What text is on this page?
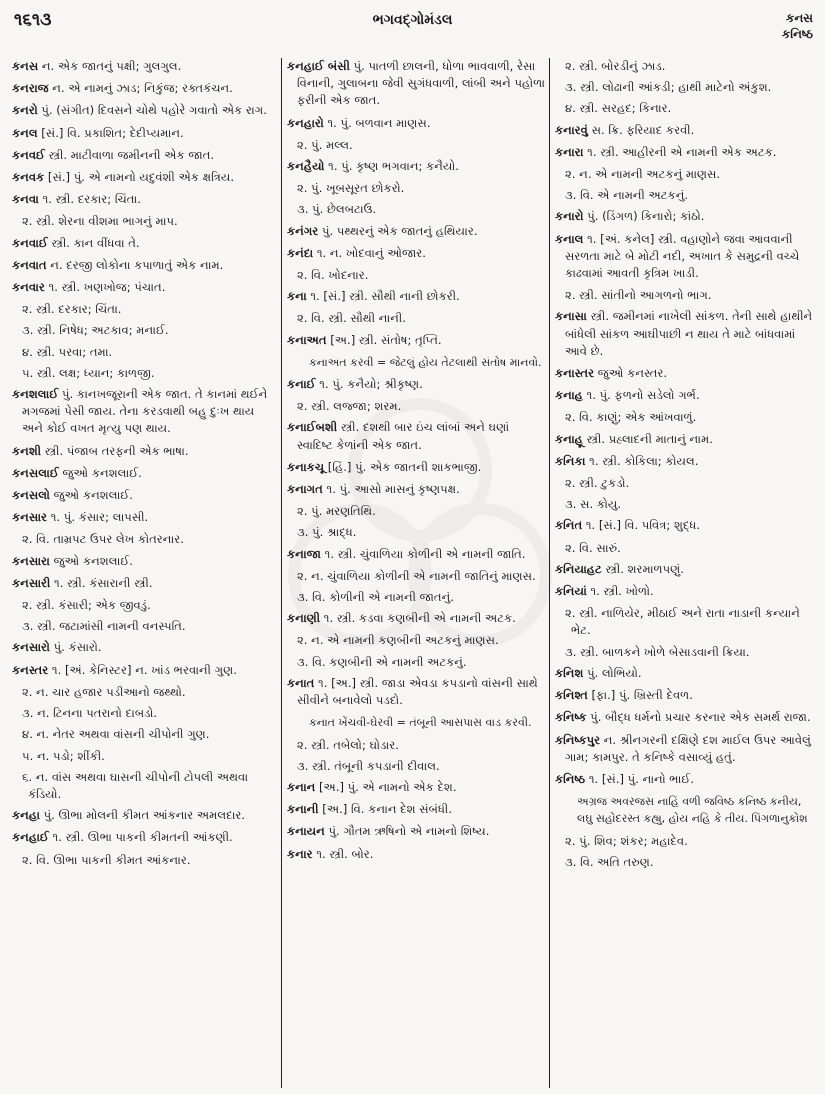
૧૬૧૩	ભગવદ્ગોમંડલ	કનસ
કનિષ્ઠ
કનસ ન. એક જાતનું પક્ષી; ગુલગુલ.
કનરાજ ન. એ નામનું ઝાડ; નિકુંજ; રક્તકંચન.
કનરો પું. (સંગીત) દિવસને ચોથે પહોરે ગવાતો એક રાગ.
કનલ [સં.] વિ. પ્રકાશિત; દેદીપ્યમાન.
કનવઈ સ્ત્રી. માટીવાળા જમીનની એક જાત.
કનવક [સં.] પું. એ નામનો યદુવંશી એક ક્ષત્રિય.
કનવા ૧. સ્ત્રી. દરકાર; ચિંતા.
૨. સ્ત્રી. શેરના વીશમા ભાગનું માપ.
કનવાઈ સ્ત્રી. કાન વીંધવા તે.
કનવાત ન. દરજી લોકોના કપાળાતું એક નામ.
કનવાર ૧. સ્ત્રી. ખણખોજ; પંચાત.
૨. સ્ત્રી. દરકાર; ચિંતા.
૩. સ્ત્રી. નિષેધ; અટકાવ; મનાઈ.
૪. સ્ત્રી. પરવા; તમા.
૫. સ્ત્રી. લક્ષ; ધ્યાન; કાળજી.
કનશલાઈ પું. કાનખજૂરાની એક જાત. તે કાનમાં થઈને મગજમાં પેસી જાય. તેના કરડવાથી બહુ દુઃખ થાય અને કોઈ વખત મૃત્યુ પણ થાય.
કનશી સ્ત્રી. પંજાબ તરફની એક ભાષા.
કનસલાઈ જુઓ કનશલાઈ.
કનસલો જુઓ કનશલાઈ.
કનસાર ૧. પું. કંસાર; લાપસી.
૨. વિ. તામ્રપટ ઉપર લેખ કોતરનાર.
કનસારા જુઓ કનશલાઈ.
કનસારી ૧. સ્ત્રી. કંસારાની સ્ત્રી.
૨. સ્ત્રી. કંસારી; એક જીવડું.
૩. સ્ત્રી. જટામાંસી નામની વનસ્પતિ.
કનસારો પું. કંસારો.
કનસ્તર ૧. [અં. કેનિસ્ટર] ન. ખાંડ ભરવાની ગુણ.
૨. ન. ચાર હજાર પડીઆનો જથ્થો.
૩. ન. ટિનના પતરાનો દાબડો.
૪. ન. નેતર અથવા વાંસની ચીપોની ગુણ.
૫. ન. પડો; શીંકી.
૬. ન. વાંસ અથવા ઘાસની ચીપોની ટોપલી અથવા કંડિયો.
કનહા પું. ઊભા મોલની કીમત આંકનાર અમલદાર.
કનહાઈ ૧. સ્ત્રી. ઊભા પાકની કીમતની આંકણી.
૨. વિ. ઊભા પાકની કીમત આંકનાર.
કનહાઈ બંસી પું. પાતળી છાલની, ધોળા ભાવવાળી, રેસા વિનાની, ગુલાબના જેવી સુગંધવાળી, લાંબી અને પહોળા ફરીની એક જાત.
કનહારો ૧. પું. બળવાન માણસ.
૨. પું. મલ્લ.
કનહૈયો ૧. પું. કૃષ્ણ ભગવાન; કનૈયો.
૨. પું. ખૂબસૂરત છોકરો.
૩. પું. છેલબટાઉ.
કનંગર પું. પથ્થરનું એક જાતનું હથિયાર.
કનંદા ૧. ન. ખોદવાનું ઓજાર.
૨. વિ. ખોદનાર.
કના ૧. [સં.] સ્ત્રી. સૌથી નાની છોકરી.
૨. વિ. સ્ત્રી. સૌથી નાની.
કનાઅત [અ.] સ્ત્રી. સંતોષ; તૃપ્તિ.
કનાઅત કરવી = જેટલું હોય તેટલાથી સંતોષ માનવો.
કનાઈ ૧. પું. કનૈયો; શ્રીકૃષ્ણ.
૨. સ્ત્રી. લજ્જા; શરમ.
કનાઈબશી સ્ત્રી. દશથી બાર ઇંચ લાંબાં અને ઘણાં સ્વાદિષ્ટ કેળાંની એક જાત.
કનાકચૂ [હિં.] પું. એક જાતની શાકભાજી.
કનાગત ૧. પું. આસો માસનું કૃષ્ણપક્ષ.
૨. પું. મરણતિથિ.
૩. પું. શ્રાદ્ધ.
કનાજા ૧. સ્ત્રી. ચુંવાળિયા કોળીની એ નામની જાતિ.
૨. ન. ચુંવાળિયા કોળીની એ નામની જાતિનું માણસ.
૩. વિ. કોળીની એ નામની જાતનું.
કનાણી ૧. સ્ત્રી. કડવા કણબીની એ નામની અટક.
૨. ન. એ નામની કણબીની અટકનું માણસ.
૩. વિ. કણબીની એ નામની અટકનું.
કનાત ૧. [અ.] સ્ત્રી. જાડા એવડા કપડાનો વાંસની સાથે સીવીને બનાવેલો પડદો.
કનાત ખેંચવી-ઘેરવી = તંબૂની આસપાસ વાડ કરવી.
૨. સ્ત્રી. તબેલો; ઘોડાર.
૩. સ્ત્રી. તંબૂની કપડાની દીવાલ.
કનાન [અ.] પું. એ નામનો એક દેશ.
કનાની [અ.] વિ. કનાન દેશ સંબંધી.
કનાયન પું. ગૌતમ ઋષિનો એ નામનો શિષ્ય.
કનાર ૧. સ્ત્રી. બોર.
૨. સ્ત્રી. બોરડીનું ઝાડ.
૩. સ્ત્રી. લોઢાની આંકડી; હાથી માટેનો અંકુશ.
૪. સ્ત્રી. સરહદ; કિનાર.
કનારવું સ. ક્રિ. ફરિયાદ કરવી.
કનારા ૧. સ્ત્રી. આહીરની એ નામની એક અટક.
૨. ન. એ નામની અટકનું માણસ.
૩. વિ. એ નામની અટકનું.
કનારો પું. (ડિંગળ) કિનારો; કાંઠો.
કનાલ ૧. [અં. કનેલ] સ્ત્રી. વહાણોને જવા આવવાની સરળતા માટે બે મોટી નદી, અખાત કે સમુદ્રની વચ્ચે કાઢવામાં આવતી કૃત્રિમ ખાડી.
૨. સ્ત્રી. સાંતીનો આગળનો ભાગ.
કનાસા સ્ત્રી. જમીનમાં નાખેલી સાંકળ. તેની સાથે હાથીને બાંધેલી સાંકળ આઘીપાછી ન થાય તે માટે બાંધવામાં આવે છે.
કનાસ્તર જુઓ કનસ્તર.
કનાહ ૧. પું. ફળનો સડેલો ગર્ભ.
૨. વિ. કાણું; એક આંખવાળું.
કનાહૂ સ્ત્રી. પ્રહ્લાદની માતાનું નામ.
કનિકા ૧. સ્ત્રી. કોકિલા; કોયલ.
૨. સ્ત્રી. ટુકડો.
૩. સ. કોયુ.
કનિત ૧. [સં.] વિ. પવિત્ર; શુદ્ધ.
૨. વિ. સારું.
કનિયાહટ સ્ત્રી. શરમાળપણું.
કનિયાં ૧. સ્ત્રી. ખોળો.
૨. સ્ત્રી. નાળિયેર, મીઠાઈ અને રાતા નાડાની કન્યાને ભેટ.
૩. સ્ત્રી. બાળકને ખોળે બેસાડવાની ક્રિયા.
કનિશ પું. લોભિયો.
કનિશ્ત [ફા.] પું. ખ્રિસ્તી દેવળ.
કનિષ્ક પું. બૌદ્ધ ધર્મનો પ્રચાર કરનાર એક સમર્થ રાજા.
કનિષ્કપુર ન. શ્રીનગરની દક્ષિણે દશ માઈલ ઉપર આવેલું ગામ; કામપુર. તે કનિષ્કે વસાવ્યું હતું.
કનિષ્ઠ ૧. [સં.] પું. નાનો ભાઈ.
અગ્રજ અવરજસ નાહિં વળી જવિષ્ઠ કનિષ્ઠ કનીય, લઘુ સહોદરસ્ત કહ્યુ, હોય નહિ કે તીય. પિંગળાનુકોશ
૨. પું. શિવ; શંકર; મહાદેવ.
૩. વિ. અતિ તરુણ.
